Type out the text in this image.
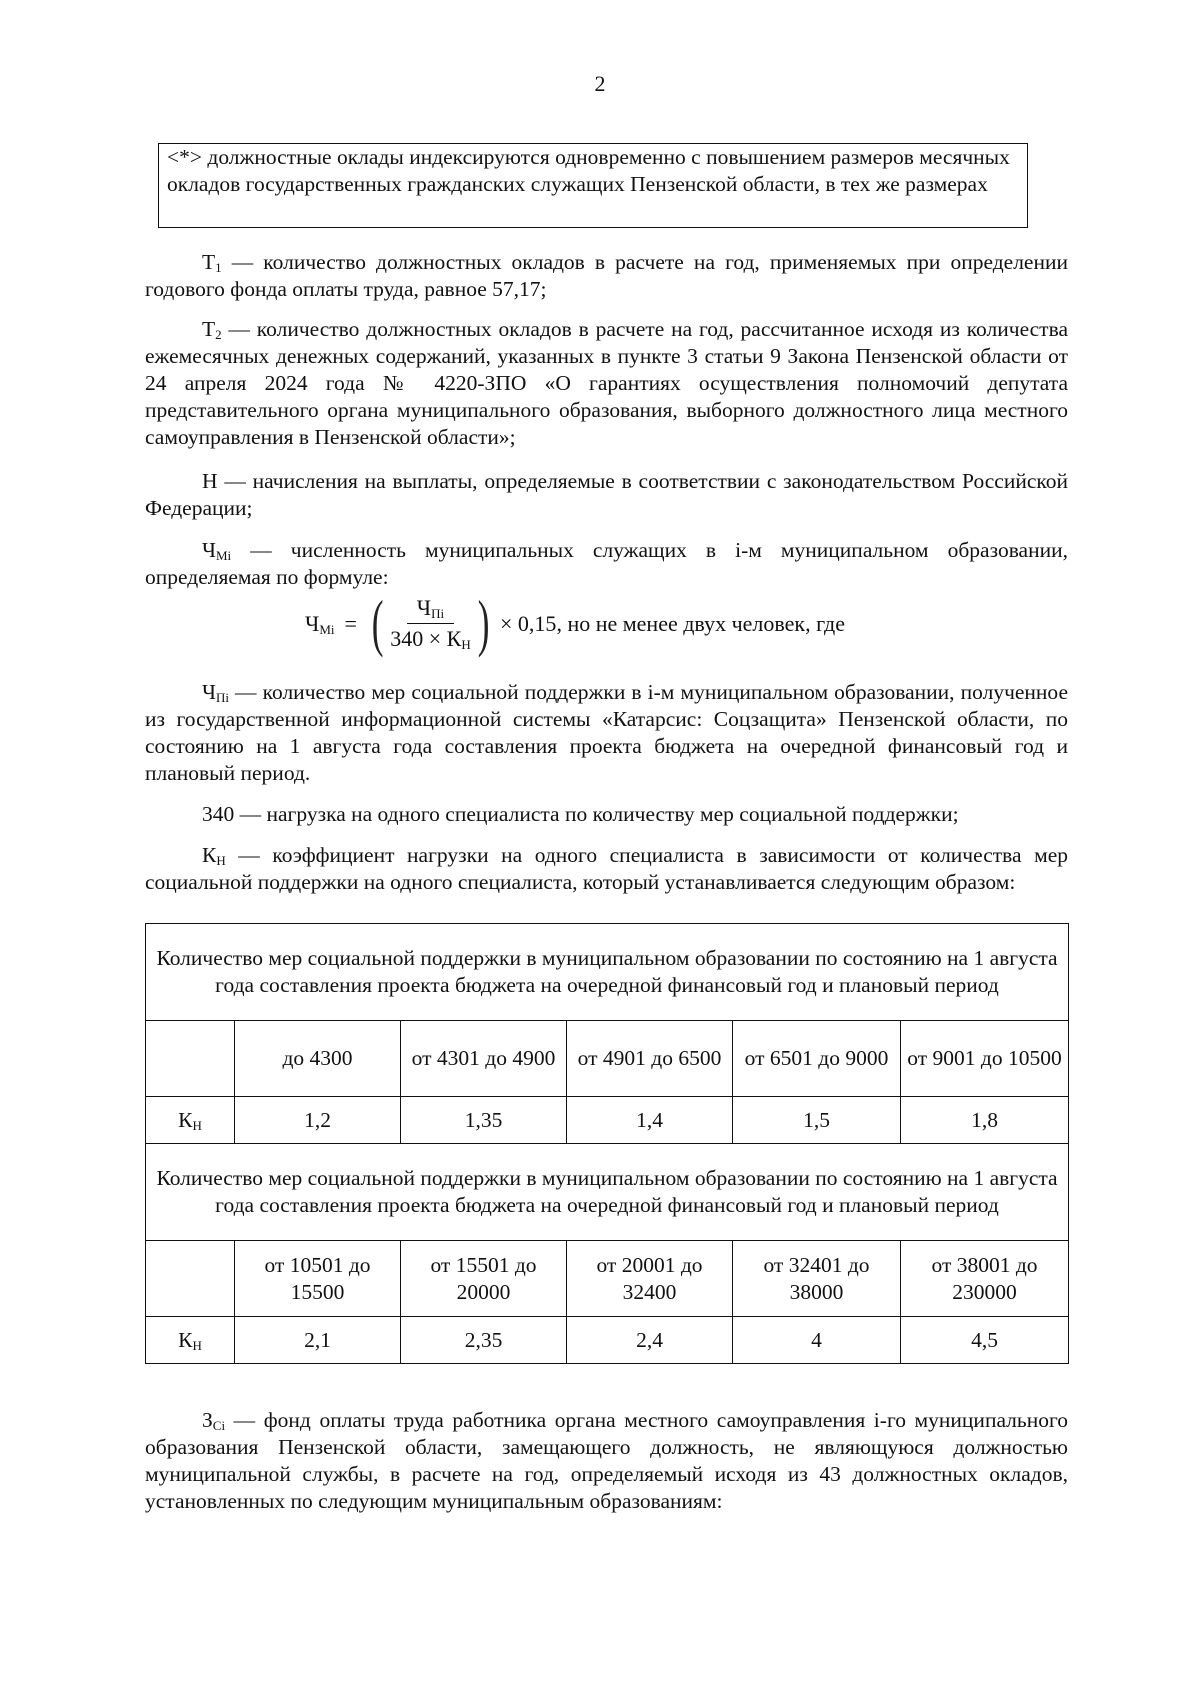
2
<*> должностные оклады индексируются одновременно с повышением размеров месячных окладов государственных гражданских служащих Пензенской области, в тех же размерах

$Т_1$ — количество должностных окладов в расчете на год, применяемых при определении годового фонда оплаты труда, равное 57,17;

$Т_2$ — количество должностных окладов в расчете на год, рассчитанное исходя из количества ежемесячных денежных содержаний, указанных в пункте 3 статьи 9 Закона Пензенской области от 24 апреля 2024 года № 4220-ЗПО «О гарантиях осуществления полномочий депутата представительного органа муниципального образования, выборного должностного лица местного самоуправления в Пензенской области»;

Н — начисления на выплаты, определяемые в соответствии с законодательством Российской Федерации;

$Ч_{Мi}$ — численность муниципальных служащих в i-м муниципальном образовании, определяемая по формуле:

$Ч_{Mi}$ = ( $\frac{Ч_{Пi}}{340 \times К_Н}$ ) × 0,15 , но не менее двух человек, где

$Ч_{Пi}$ — количество мер социальной поддержки в i-м муниципальном образовании, полученное из государственной информационной системы «Катарсис: Соцзащита» Пензенской области, по состоянию на 1 августа года составления проекта бюджета на очередной финансовый год и плановый период.

340 — нагрузка на одного специалиста по количеству мер социальной поддержки;

$К_Н$ — коэффициент нагрузки на одного специалиста в зависимости от количества мер социальной поддержки на одного специалиста, который устанавливается следующим образом:

Количество мер социальной поддержки в муниципальном образовании по состоянию на 1 августа года составления проекта бюджета на очередной финансовый год и плановый период					
	до 4300	от 4301 до 4900	от 4901 до 6500	от 6501 до 9000	от 9001 до 10500
$К_Н$	1,2	1,35	1,4	1,5	1,8
Количество мер социальной поддержки в муниципальном образовании по состоянию на 1 августа года составления проекта бюджета на очередной финансовый год и плановый период					
	от 10501 до 15500	от 15501 до 20000	от 20001 до 32400	от 32401 до 38000	от 38001 до 230000
$К_Н$	2,1	2,35	2,4	4	4,5

$З_{Сi}$ — фонд оплаты труда работника органа местного самоуправления i-го муниципального образования Пензенской области, замещающего должность, не являющуюся должностью муниципальной службы, в расчете на год, определяемый исходя из 43 должностных окладов, установленных по следующим муниципальным образованиям:
